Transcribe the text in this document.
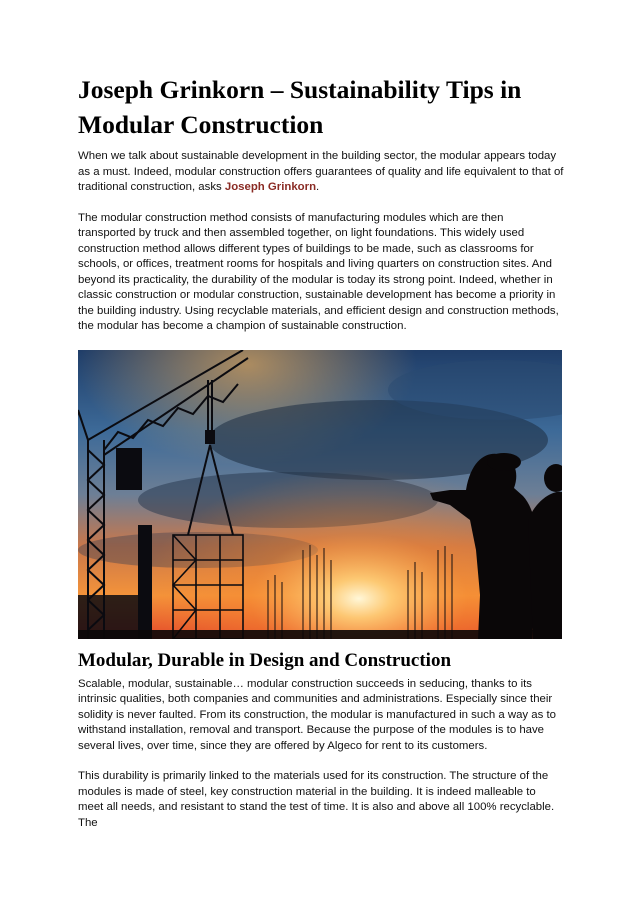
Joseph Grinkorn – Sustainability Tips in Modular Construction

When we talk about sustainable development in the building sector, the modular appears today as a must. Indeed, modular construction offers guarantees of quality and life equivalent to that of traditional construction, asks Joseph Grinkorn.

The modular construction method consists of manufacturing modules which are then transported by truck and then assembled together, on light foundations. This widely used construction method allows different types of buildings to be made, such as classrooms for schools, or offices, treatment rooms for hospitals and living quarters on construction sites. And beyond its practicality, the durability of the modular is today its strong point. Indeed, whether in classic construction or modular construction, sustainable development has become a priority in the building industry. Using recyclable materials, and efficient design and construction methods, the modular has become a champion of sustainable construction.

Modular, Durable in Design and Construction

Scalable, modular, sustainable… modular construction succeeds in seducing, thanks to its intrinsic qualities, both companies and communities and administrations. Especially since their solidity is never faulted. From its construction, the modular is manufactured in such a way as to withstand installation, removal and transport. Because the purpose of the modules is to have several lives, over time, since they are offered by Algeco for rent to its customers.

This durability is primarily linked to the materials used for its construction. The structure of the modules is made of steel, key construction material in the building. It is indeed malleable to meet all needs, and resistant to stand the test of time. It is also and above all 100% recyclable. The
